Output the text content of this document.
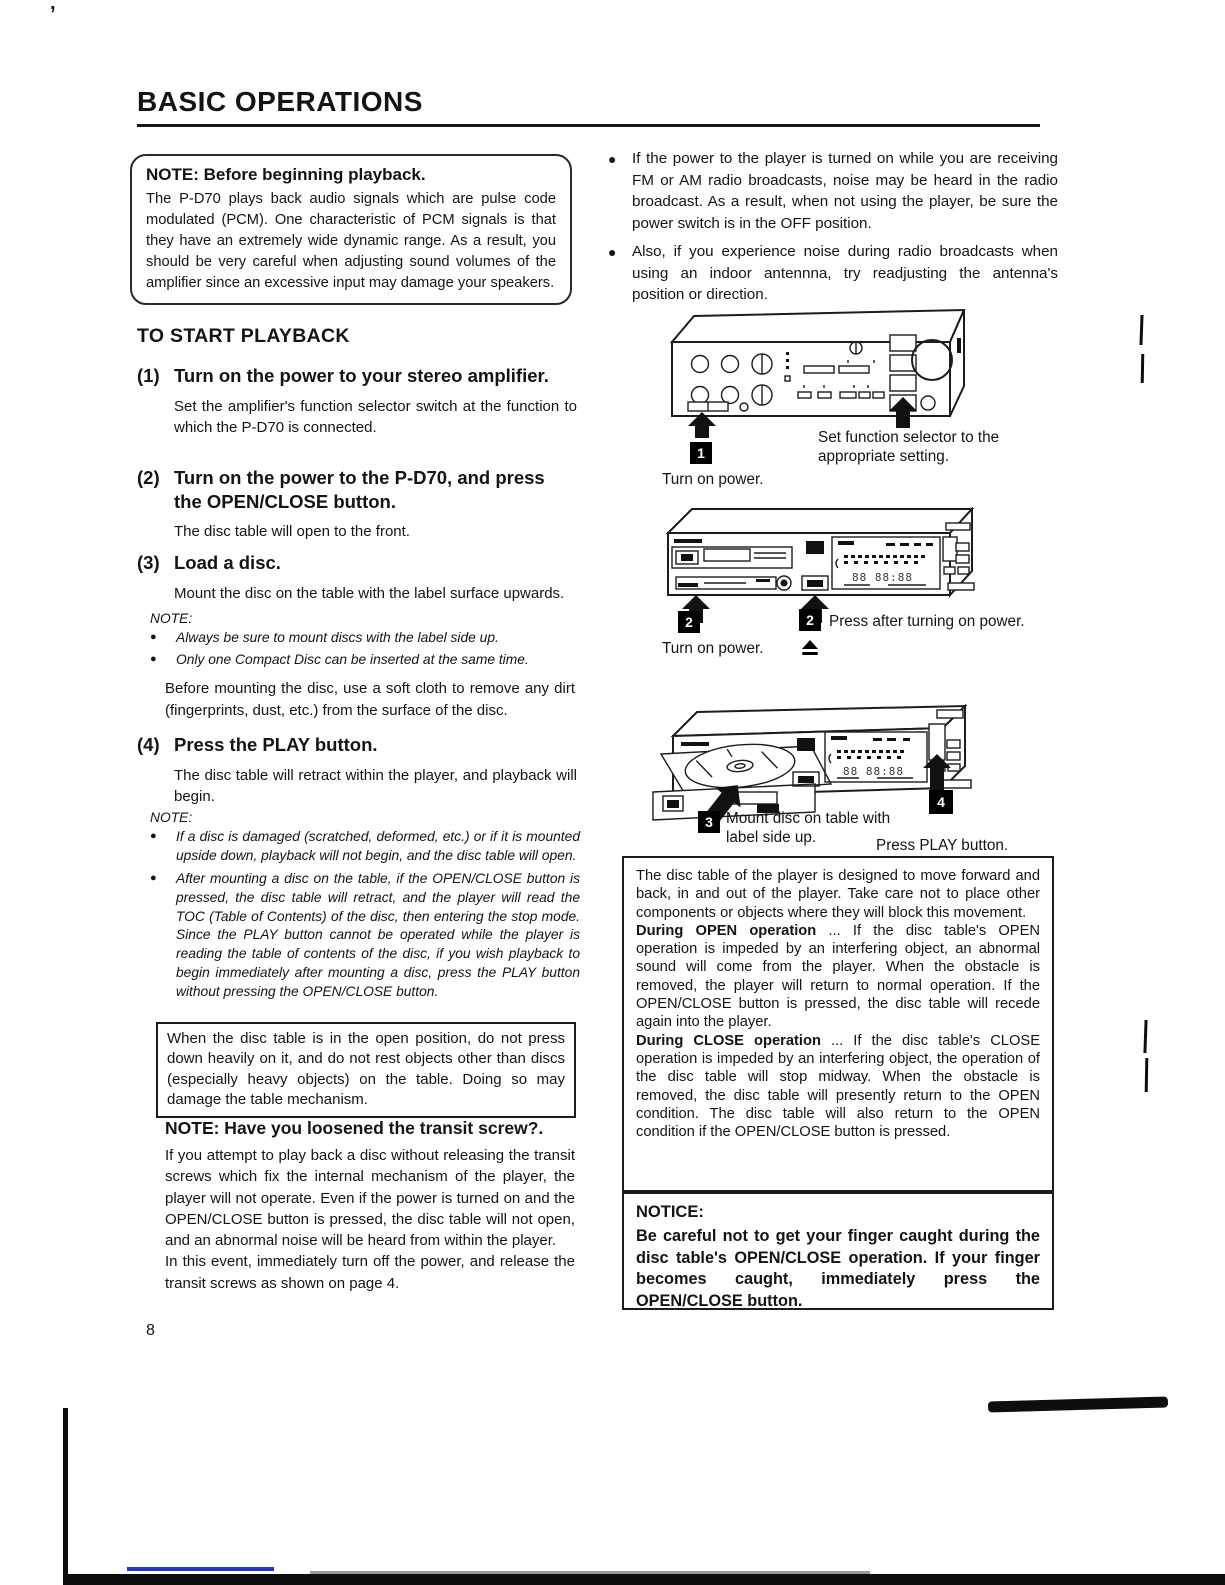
,
BASIC OPERATIONS
NOTE: Before beginning playback.
The P-D70 plays back audio signals which are pulse code modulated (PCM). One characteristic of PCM signals is that they have an extremely wide dynamic range. As a result, you should be very careful when adjusting sound volumes of the amplifier since an excessive input may damage your speakers.
TO START PLAYBACK
(1) Turn on the power to your stereo amplifier.
Set the amplifier's function selector switch at the function to which the P-D70 is connected.
(2) Turn on the power to the P-D70, and press the OPEN/CLOSE button.
The disc table will open to the front.
(3) Load a disc.
Mount the disc on the table with the label surface upwards.
NOTE:
●	Always be sure to mount discs with the label side up.
●	Only one Compact Disc can be inserted at the same time.
Before mounting the disc, use a soft cloth to remove any dirt (fingerprints, dust, etc.) from the surface of the disc.
(4) Press the PLAY button.
The disc table will retract within the player, and playback will begin.
NOTE:
●	If a disc is damaged (scratched, deformed, etc.) or if it is mounted upside down, playback will not begin, and the disc table will open.
●	After mounting a disc on the table, if the OPEN/CLOSE button is pressed, the disc table will retract, and the player will read the TOC (Table of Contents) of the disc, then entering the stop mode. Since the PLAY button cannot be operated while the player is reading the table of contents of the disc, if you wish playback to begin immediately after mounting a disc, press the PLAY button without pressing the OPEN/CLOSE button.
When the disc table is in the open position, do not press down heavily on it, and do not rest objects other than discs (especially heavy objects) on the table. Doing so may damage the table mechanism.
NOTE: Have you loosened the transit screw?.
If you attempt to play back a disc without releasing the transit screws which fix the internal mechanism of the player, the player will not operate. Even if the power is turned on and the OPEN/CLOSE button is pressed, the disc table will not open, and an abnormal noise will be heard from within the player.
In this event, immediately turn off the power, and release the transit screws as shown on page 4.
8
●	If the power to the player is turned on while you are receiving FM or AM radio broadcasts, noise may be heard in the radio broadcast. As a result, when not using the player, be sure the power switch is in the OFF position.
●	Also, if you experience noise during radio broadcasts when using an indoor antennna, try readjusting the antenna's position or direction.
1
Turn on power.
Set function selector to the appropriate setting.
88 88:88
2
Turn on power.
2 Press after turning on power.
88 88:88
3 Mount disc on table with label side up.
4
Press PLAY button.

The disc table of the player is designed to move forward and back, in and out of the player. Take care not to place other components or objects where they will block this movement.

During OPEN operation ... If the disc table's OPEN operation is impeded by an interfering object, an abnormal sound will come from the player. When the obstacle is removed, the player will return to normal operation. If the OPEN/CLOSE button is pressed, the disc table will recede again into the player.

During CLOSE operation ... If the disc table's CLOSE operation is impeded by an interfering object, the operation of the disc table will stop midway. When the obstacle is removed, the disc table will presently return to the OPEN condition. The disc table will also return to the OPEN condition if the OPEN/CLOSE button is pressed.

NOTICE:
Be careful not to get your finger caught during the disc table's OPEN/CLOSE operation. If your finger becomes caught, immediately press the OPEN/CLOSE button.
